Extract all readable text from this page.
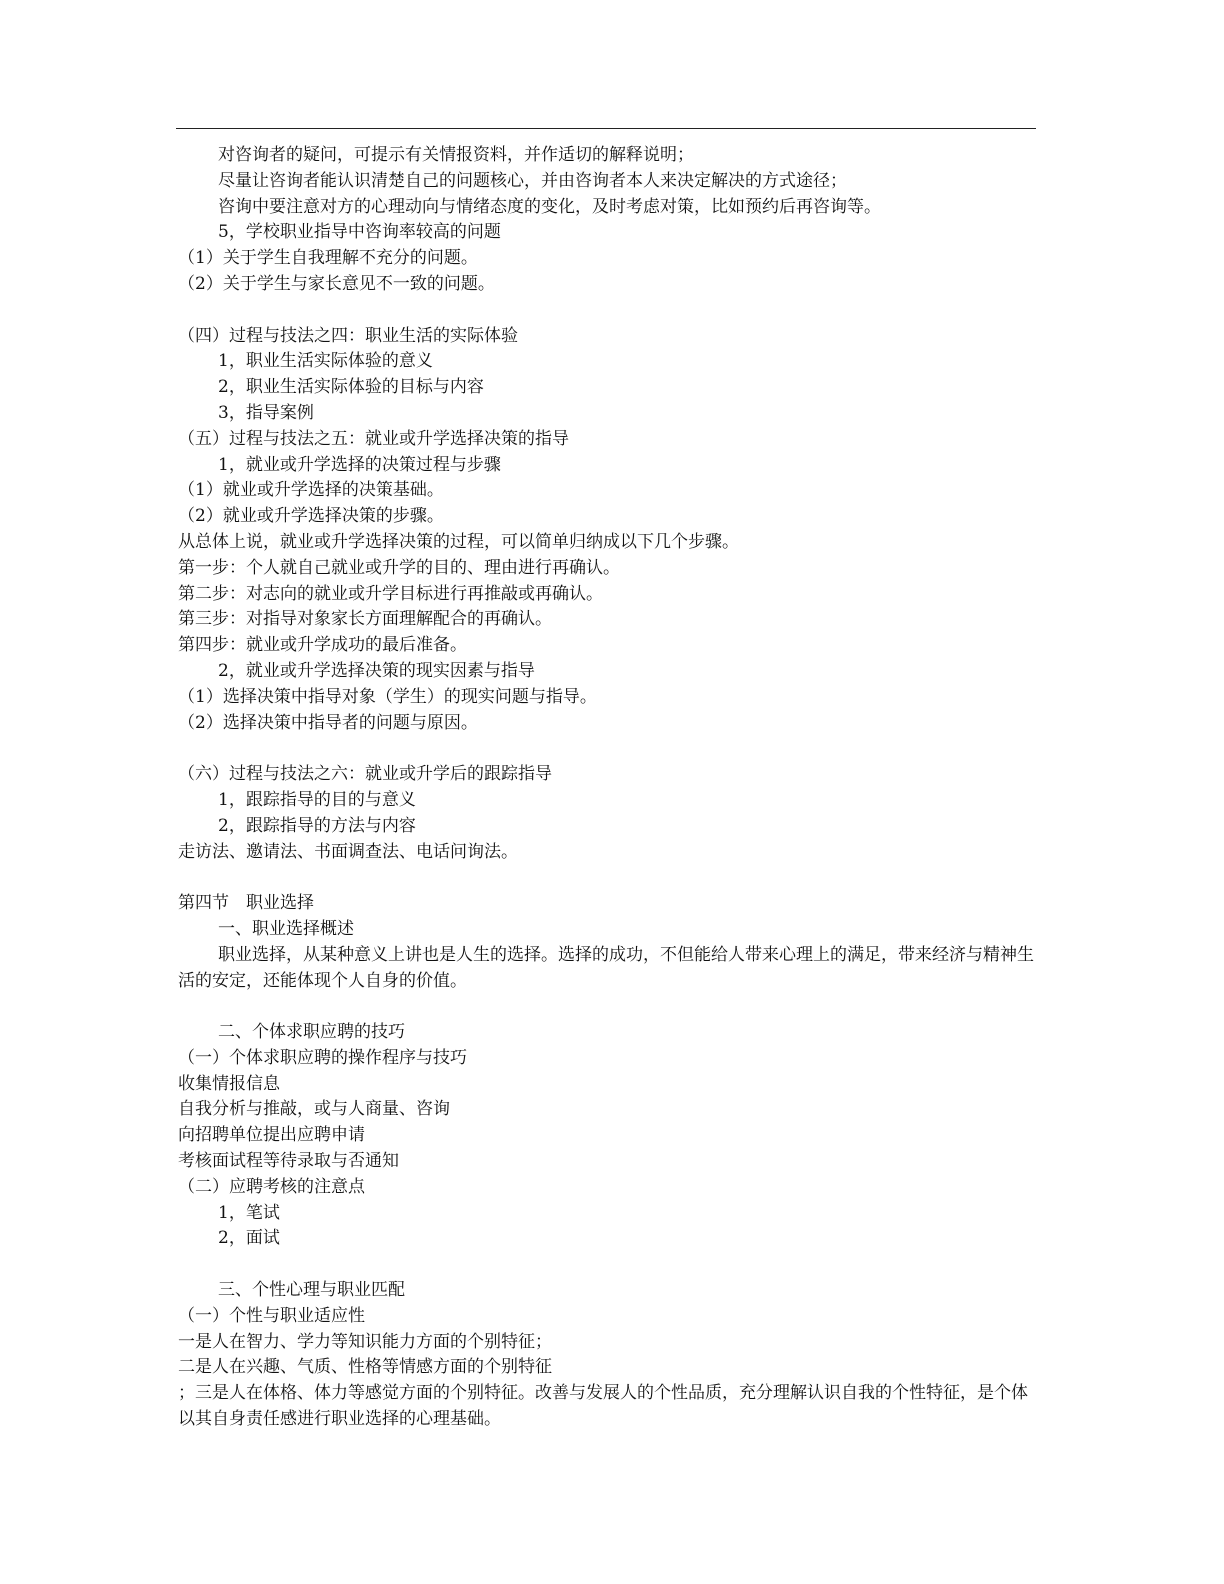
对咨询者的疑问，可提示有关情报资料，并作适切的解释说明；
尽量让咨询者能认识清楚自己的问题核心，并由咨询者本人来决定解决的方式途径；
咨询中要注意对方的心理动向与情绪态度的变化，及时考虑对策，比如预约后再咨询等。
5，学校职业指导中咨询率较高的问题
（1）关于学生自我理解不充分的问题。
（2）关于学生与家长意见不一致的问题。
（四）过程与技法之四：职业生活的实际体验
1，职业生活实际体验的意义
2，职业生活实际体验的目标与内容
3，指导案例
（五）过程与技法之五：就业或升学选择决策的指导
1，就业或升学选择的决策过程与步骤
（1）就业或升学选择的决策基础。
（2）就业或升学选择决策的步骤。
从总体上说，就业或升学选择决策的过程，可以简单归纳成以下几个步骤。
第一步：个人就自己就业或升学的目的、理由进行再确认。
第二步：对志向的就业或升学目标进行再推敲或再确认。
第三步：对指导对象家长方面理解配合的再确认。
第四步：就业或升学成功的最后准备。
2，就业或升学选择决策的现实因素与指导
（1）选择决策中指导对象（学生）的现实问题与指导。
（2）选择决策中指导者的问题与原因。
（六）过程与技法之六：就业或升学后的跟踪指导
1，跟踪指导的目的与意义
2，跟踪指导的方法与内容
走访法、邀请法、书面调查法、电话问询法。
第四节　职业选择
一、职业选择概述
职业选择，从某种意义上讲也是人生的选择。选择的成功，不但能给人带来心理上的满足，带来经济与精神生活的安定，还能体现个人自身的价值。
二、个体求职应聘的技巧
（一）个体求职应聘的操作程序与技巧
收集情报信息
自我分析与推敲，或与人商量、咨询
向招聘单位提出应聘申请
考核面试程等待录取与否通知
（二）应聘考核的注意点
1，笔试
2，面试
三、个性心理与职业匹配
（一）个性与职业适应性
一是人在智力、学力等知识能力方面的个别特征；
二是人在兴趣、气质、性格等情感方面的个别特征
；三是人在体格、体力等感觉方面的个别特征。改善与发展人的个性品质，充分理解认识自我的个性特征，是个体以其自身责任感进行职业选择的心理基础。
